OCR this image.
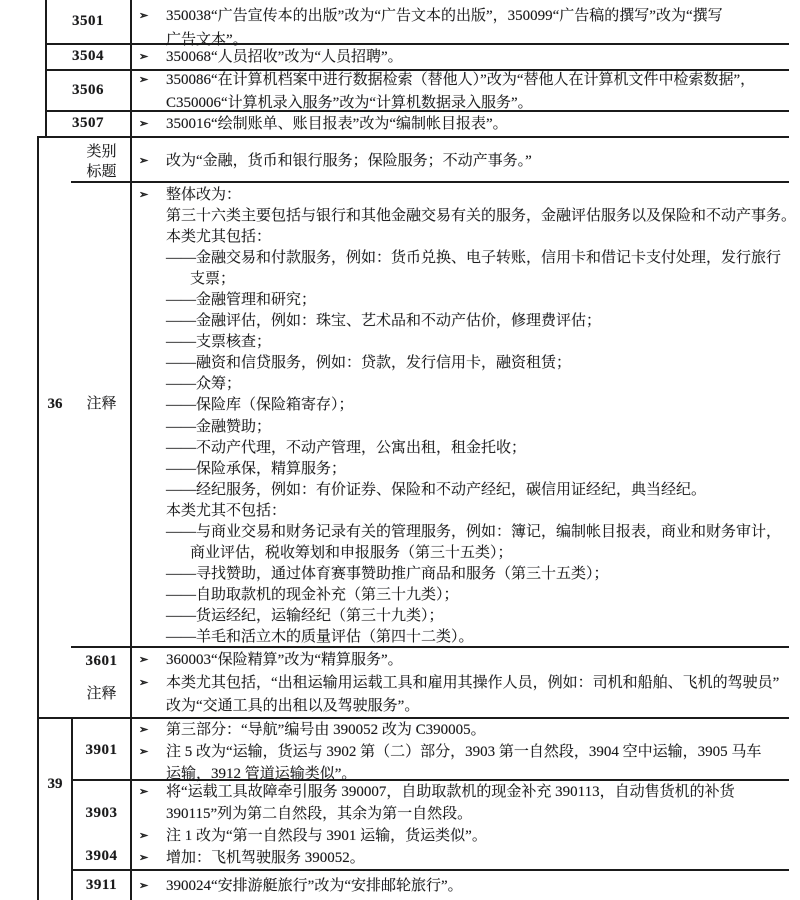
36
39
3501
3504
3506
3507
类别
标题
注释
3601
注释
3901
3903
3904
3911
➢ 350038“广告宣传本的出版”改为“广告文本的出版”，350099“广告稿的撰写”改为“撰写
广告文本”。
➢ 350068“人员招收”改为“人员招聘”。
➢ 350086“在计算机档案中进行数据检索（替他人）”改为“替他人在计算机文件中检索数据”，
C350006“计算机录入服务”改为“计算机数据录入服务”。
➢ 350016“绘制账单、账目报表”改为“编制帐目报表”。
➢ 改为“金融，货币和银行服务；保险服务；不动产事务。”
➢ 整体改为：
第三十六类主要包括与银行和其他金融交易有关的服务，金融评估服务以及保险和不动产事务。
本类尤其包括：
——金融交易和付款服务，例如：货币兑换、电子转账，信用卡和借记卡支付处理，发行旅行
支票；
——金融管理和研究；
——金融评估，例如：珠宝、艺术品和不动产估价，修理费评估；
——支票核查；
——融资和信贷服务，例如：贷款，发行信用卡，融资租赁；
——众筹；
——保险库（保险箱寄存）；
——金融赞助；
——不动产代理，不动产管理，公寓出租，租金托收；
——保险承保，精算服务；
——经纪服务，例如：有价证券、保险和不动产经纪，碳信用证经纪，典当经纪。
本类尤其不包括：
——与商业交易和财务记录有关的管理服务，例如：簿记，编制帐目报表，商业和财务审计，
商业评估，税收筹划和申报服务（第三十五类）；
——寻找赞助，通过体育赛事赞助推广商品和服务（第三十五类）；
——自助取款机的现金补充（第三十九类）；
——货运经纪，运输经纪（第三十九类）；
——羊毛和活立木的质量评估（第四十二类）。
➢ 360003“保险精算”改为“精算服务”。
➢ 本类尤其包括，“出租运输用运载工具和雇用其操作人员，例如：司机和船舶、飞机的驾驶员”
改为“交通工具的出租以及驾驶服务”。
➢ 第三部分：“导航”编号由 390052 改为 C390005。
➢ 注 5 改为“运输，货运与 3902 第（二）部分，3903 第一自然段，3904 空中运输，3905 马车
运输，3912 管道运输类似”。
➢ 将“运载工具故障牵引服务 390007，自助取款机的现金补充 390113，自动售货机的补货
390115”列为第二自然段，其余为第一自然段。
➢ 注 1 改为“第一自然段与 3901 运输，货运类似”。
➢ 增加：飞机驾驶服务 390052。
➢ 390024“安排游艇旅行”改为“安排邮轮旅行”。
